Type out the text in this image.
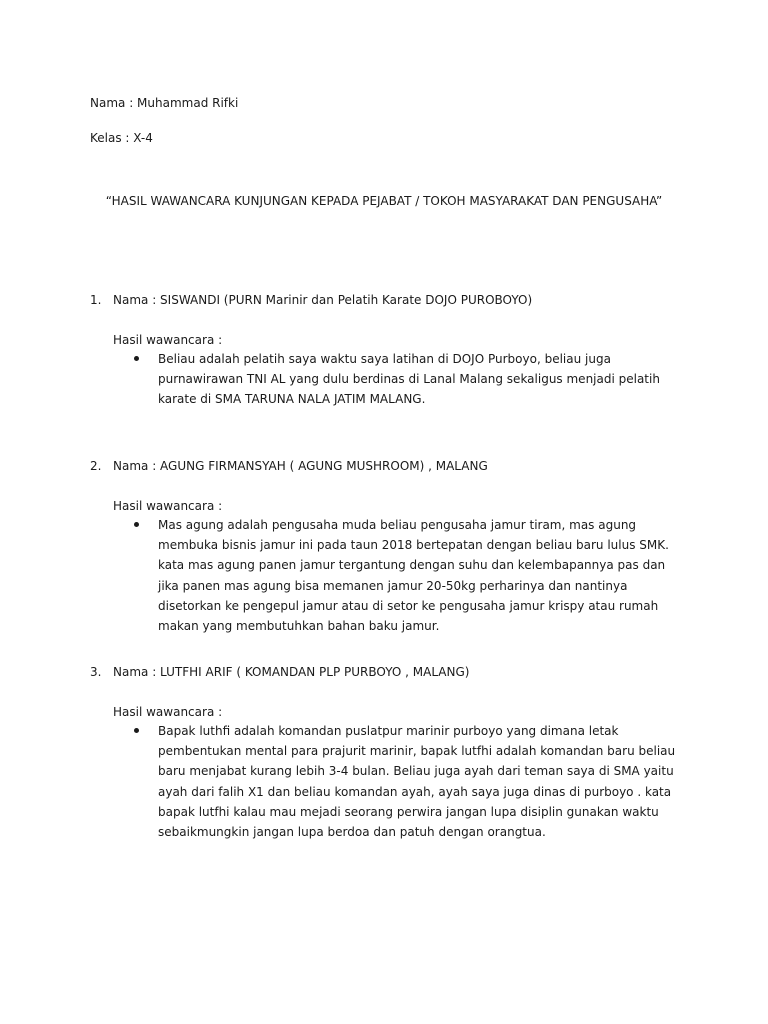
Nama : Muhammad Rifki
Kelas : X-4
“HASIL WAWANCARA KUNJUNGAN KEPADA PEJABAT / TOKOH MASYARAKAT DAN PENGUSAHA”
1. Nama : SISWANDI (PURN Marinir dan Pelatih Karate DOJO PUROBOYO)
Hasil wawancara :
Beliau adalah pelatih saya waktu saya latihan di DOJO Purboyo, beliau juga purnawirawan TNI AL yang dulu berdinas di Lanal Malang sekaligus menjadi pelatih karate di SMA TARUNA NALA JATIM MALANG.
2. Nama : AGUNG FIRMANSYAH ( AGUNG MUSHROOM) , MALANG
Hasil wawancara :
Mas agung adalah pengusaha muda beliau pengusaha jamur tiram, mas agung membuka bisnis jamur ini pada taun 2018 bertepatan dengan beliau baru lulus SMK. kata mas agung panen jamur tergantung dengan suhu dan kelembapannya pas dan jika panen mas agung bisa memanen jamur 20-50kg perharinya dan nantinya disetorkan ke pengepul jamur atau di setor ke pengusaha jamur krispy atau rumah makan yang membutuhkan bahan baku jamur.
3. Nama : LUTFHI ARIF ( KOMANDAN PLP PURBOYO , MALANG)
Hasil wawancara :
Bapak luthfi adalah komandan puslatpur marinir purboyo yang dimana letak pembentukan mental para prajurit marinir, bapak lutfhi adalah komandan baru beliau baru menjabat kurang lebih 3-4 bulan. Beliau juga ayah dari teman saya di SMA yaitu ayah dari falih X1 dan beliau komandan ayah, ayah saya juga dinas di purboyo . kata bapak lutfhi kalau mau mejadi seorang perwira jangan lupa disiplin gunakan waktu sebaikmungkin jangan lupa berdoa dan patuh dengan orangtua.
